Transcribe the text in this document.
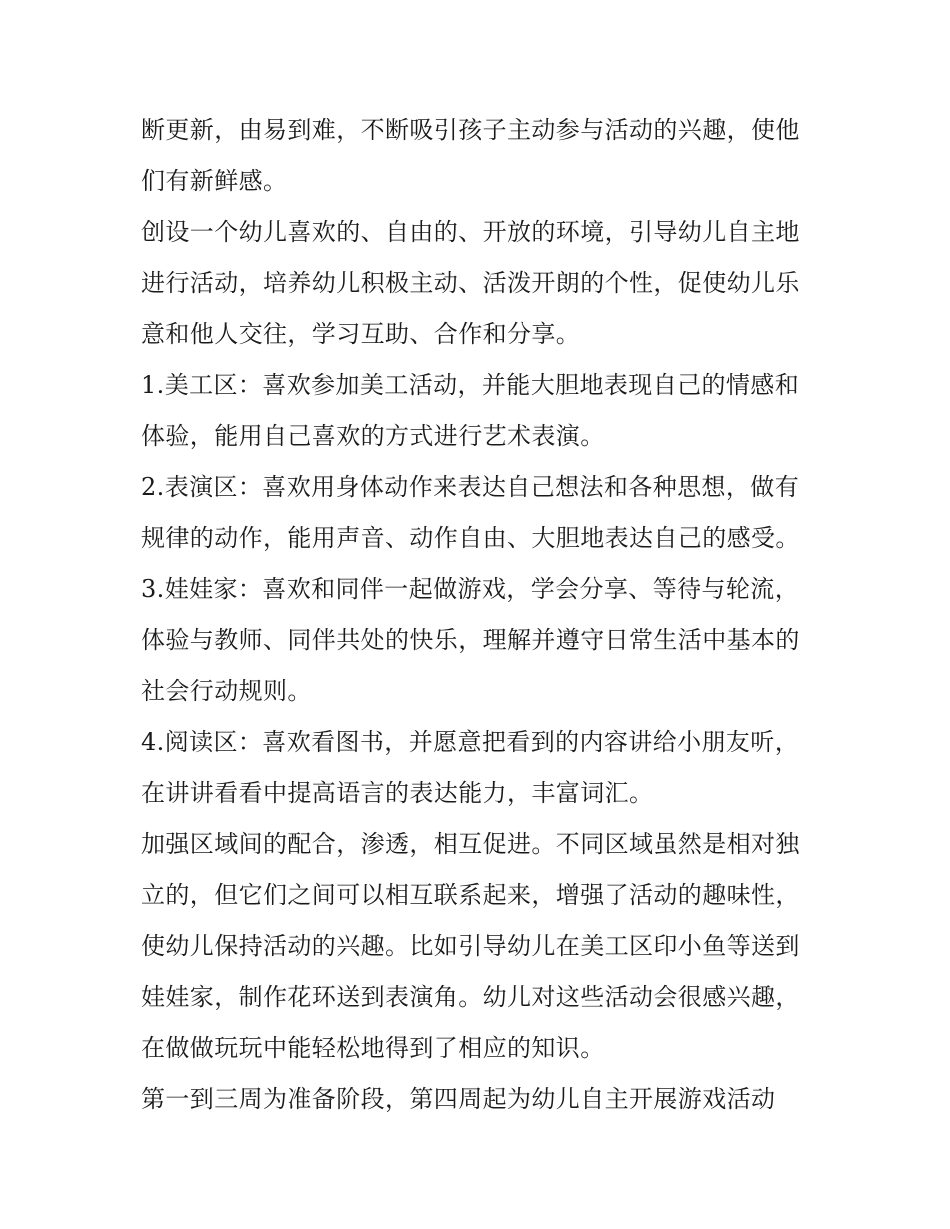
断更新，由易到难，不断吸引孩子主动参与活动的兴趣，使他
们有新鲜感。

创设一个幼儿喜欢的、自由的、开放的环境，引导幼儿自主地
进行活动，培养幼儿积极主动、活泼开朗的个性，促使幼儿乐
意和他人交往，学习互助、合作和分享。

1.美工区：喜欢参加美工活动，并能大胆地表现自己的情感和
体验，能用自己喜欢的方式进行艺术表演。

2.表演区：喜欢用身体动作来表达自己想法和各种思想，做有
规律的动作，能用声音、动作自由、大胆地表达自己的感受。

3.娃娃家：喜欢和同伴一起做游戏，学会分享、等待与轮流，
体验与教师、同伴共处的快乐，理解并遵守日常生活中基本的
社会行动规则。

4.阅读区：喜欢看图书，并愿意把看到的内容讲给小朋友听，
在讲讲看看中提高语言的表达能力，丰富词汇。

加强区域间的配合，渗透，相互促进。不同区域虽然是相对独
立的，但它们之间可以相互联系起来，增强了活动的趣味性，
使幼儿保持活动的兴趣。比如引导幼儿在美工区印小鱼等送到
娃娃家，制作花环送到表演角。幼儿对这些活动会很感兴趣，
在做做玩玩中能轻松地得到了相应的知识。

第一到三周为准备阶段，第四周起为幼儿自主开展游戏活动
